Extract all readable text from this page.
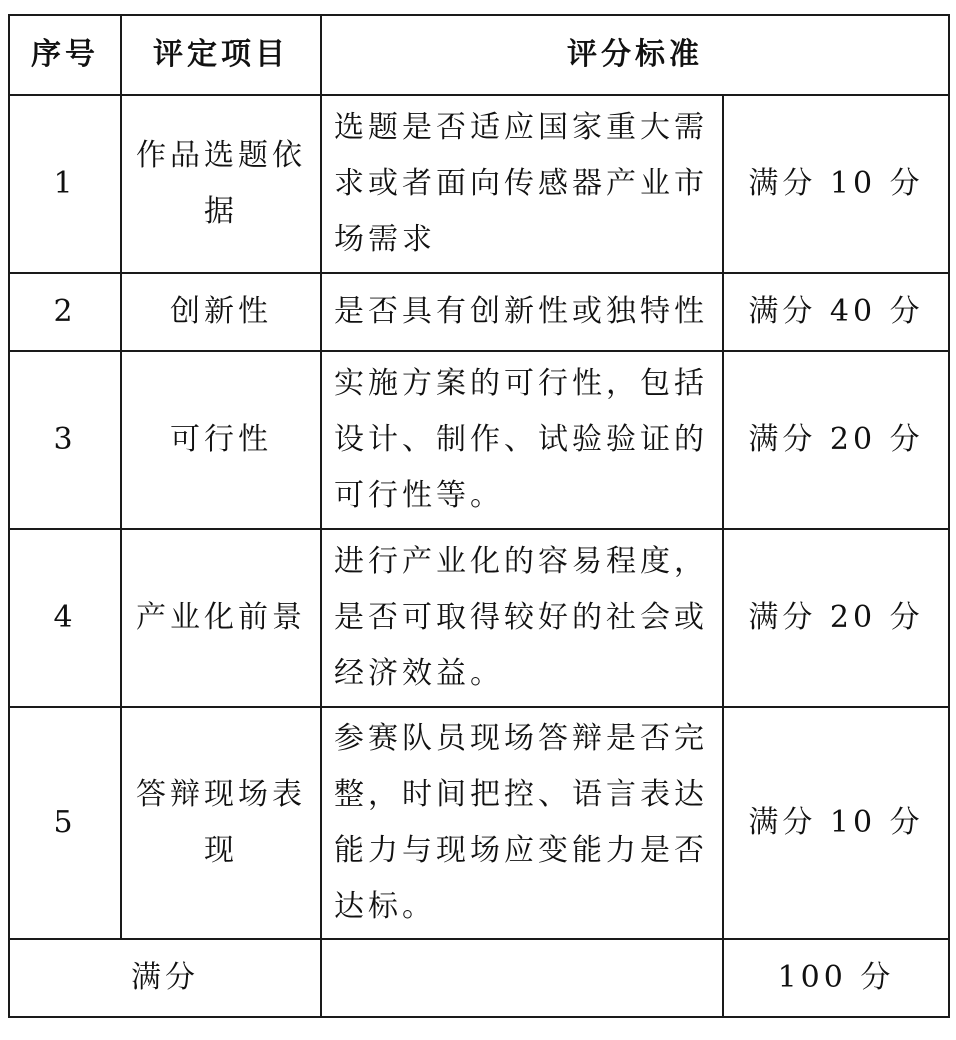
序号	评定项目	评分标准	
1	作品选题依据	选题是否适应国家重大需求或者面向传感器产业市场需求	满分 10 分
2	创新性	是否具有创新性或独特性	满分 40 分
3	可行性	实施方案的可行性，包括设计、制作、试验验证的可行性等。	满分 20 分
4	产业化前景	进行产业化的容易程度，是否可取得较好的社会或经济效益。	满分 20 分
5	答辩现场表现	参赛队员现场答辩是否完整，时间把控、语言表达能力与现场应变能力是否达标。	满分 10 分
满分			100 分
